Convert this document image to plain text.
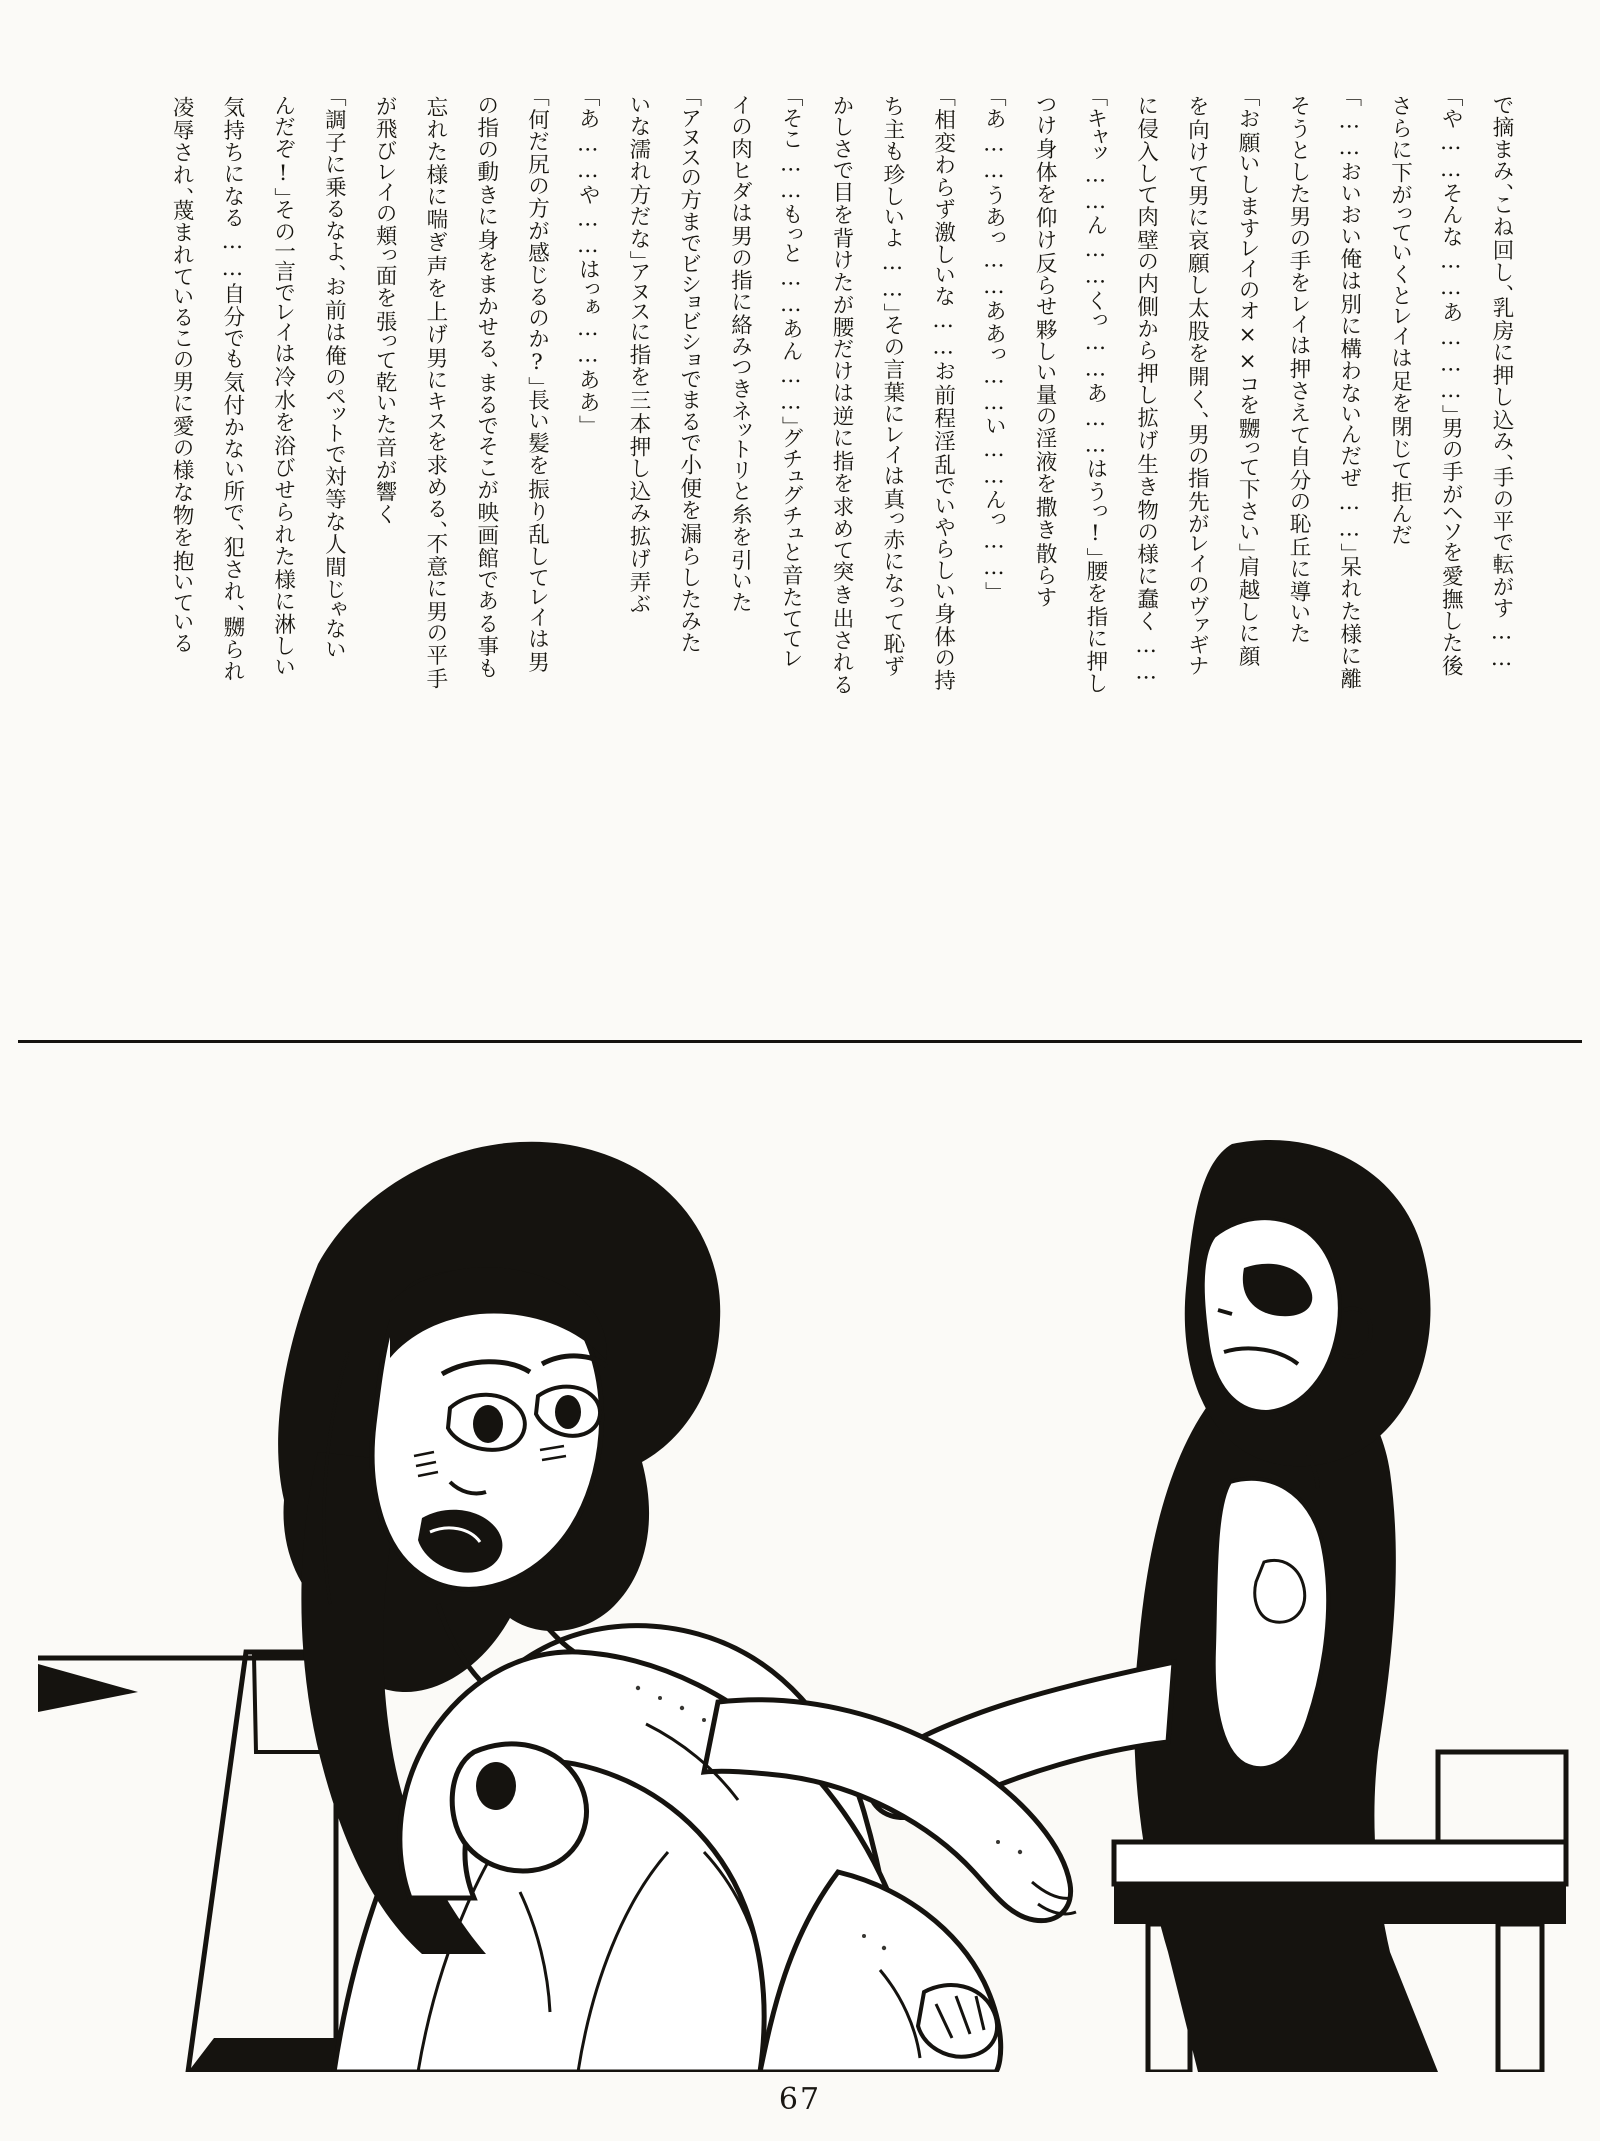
で摘まみ、こね回し、乳房に押し込み、手の平で転がす……
「や……そんな……あ………」男の手がヘソを愛撫した後
さらに下がっていくとレイは足を閉じて拒んだ
「……おいおい俺は別に構わないんだぜ……」呆れた様に離
そうとした男の手をレイは押さえて自分の恥丘に導いた
「お願いしますレイのオ××コを嬲って下さい」肩越しに顔
を向けて男に哀願し太股を開く、男の指先がレイのヴァギナ
に侵入して肉壁の内側から押し拡げ生き物の様に蠢く……
「キャッ……ん……くっ……あ……はうっ!」腰を指に押し
つけ身体を仰け反らせ夥しい量の淫液を撒き散らす
「あ……うあっ……ああっ……い……んっ……」
「相変わらず激しいな……お前程淫乱でいやらしい身体の持
ち主も珍しいよ……」その言葉にレイは真っ赤になって恥ず
かしさで目を背けたが腰だけは逆に指を求めて突き出される
「そこ……もっと……あん……」グチュグチュと音たててレ
イの肉ヒダは男の指に絡みつきネットリと糸を引いた
「アヌスの方までビショビショでまるで小便を漏らしたみた
いな濡れ方だな」アヌスに指を三本押し込み拡げ弄ぶ
「あ……や……はっぁ……ああ」
「何だ尻の方が感じるのか?」長い髪を振り乱してレイは男
の指の動きに身をまかせる、まるでそこが映画館である事も
忘れた様に喘ぎ声を上げ男にキスを求める、不意に男の平手
が飛びレイの頬っ面を張って乾いた音が響く
「調子に乗るなよ、お前は俺のペットで対等な人間じゃない
んだぞ!」その一言でレイは冷水を浴びせられた様に淋しい
気持ちになる……自分でも気付かない所で、犯され、嬲られ
凌辱され、蔑まれているこの男に愛の様な物を抱いている
67
